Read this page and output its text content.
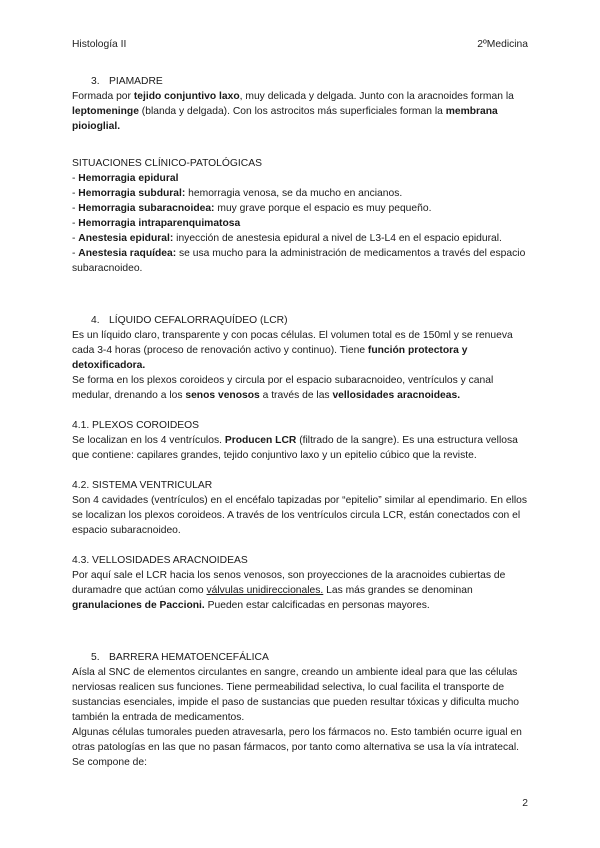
Histología II	2ºMedicina

3. PIAMADRE

Formada por tejido conjuntivo laxo, muy delicada y delgada. Junto con la aracnoides forman la leptomeninge (blanda y delgada). Con los astrocitos más superficiales forman la membrana pioioglial.

SITUACIONES CLÍNICO-PATOLÓGICAS

- Hemorragia epidural

- Hemorragia subdural: hemorragia venosa, se da mucho en ancianos.

- Hemorragia subaracnoidea: muy grave porque el espacio es muy pequeño.

- Hemorragia intraparenquimatosa

- Anestesia epidural: inyección de anestesia epidural a nivel de L3-L4 en el espacio epidural.

- Anestesia raquídea: se usa mucho para la administración de medicamentos a través del espacio subaracnoideo.

4. LÍQUIDO CEFALORRAQUÍDEO (LCR)

Es un líquido claro, transparente y con pocas células. El volumen total es de 150ml y se renueva cada 3-4 horas (proceso de renovación activo y continuo). Tiene función protectora y detoxificadora.

Se forma en los plexos coroideos y circula por el espacio subaracnoideo, ventrículos y canal medular, drenando a los senos venosos a través de las vellosidades aracnoideas.

4.1. PLEXOS COROIDEOS

Se localizan en los 4 ventrículos. Producen LCR (filtrado de la sangre). Es una estructura vellosa que contiene: capilares grandes, tejido conjuntivo laxo y un epitelio cúbico que la reviste.

4.2. SISTEMA VENTRICULAR

Son 4 cavidades (ventrículos) en el encéfalo tapizadas por “epitelio” similar al ependimario. En ellos se localizan los plexos coroideos. A través de los ventrículos circula LCR, están conectados con el espacio subaracnoideo.

4.3. VELLOSIDADES ARACNOIDEAS

Por aquí sale el LCR hacia los senos venosos, son proyecciones de la aracnoides cubiertas de duramadre que actúan como válvulas unidireccionales. Las más grandes se denominan granulaciones de Paccioni. Pueden estar calcificadas en personas mayores.

5. BARRERA HEMATOENCEFÁLICA

Aísla al SNC de elementos circulantes en sangre, creando un ambiente ideal para que las células nerviosas realicen sus funciones. Tiene permeabilidad selectiva, lo cual facilita el transporte de sustancias esenciales, impide el paso de sustancias que pueden resultar tóxicas y dificulta mucho también la entrada de medicamentos.

Algunas células tumorales pueden atravesarla, pero los fármacos no. Esto también ocurre igual en otras patologías en las que no pasan fármacos, por tanto como alternativa se usa la vía intratecal. Se compone de:

2
